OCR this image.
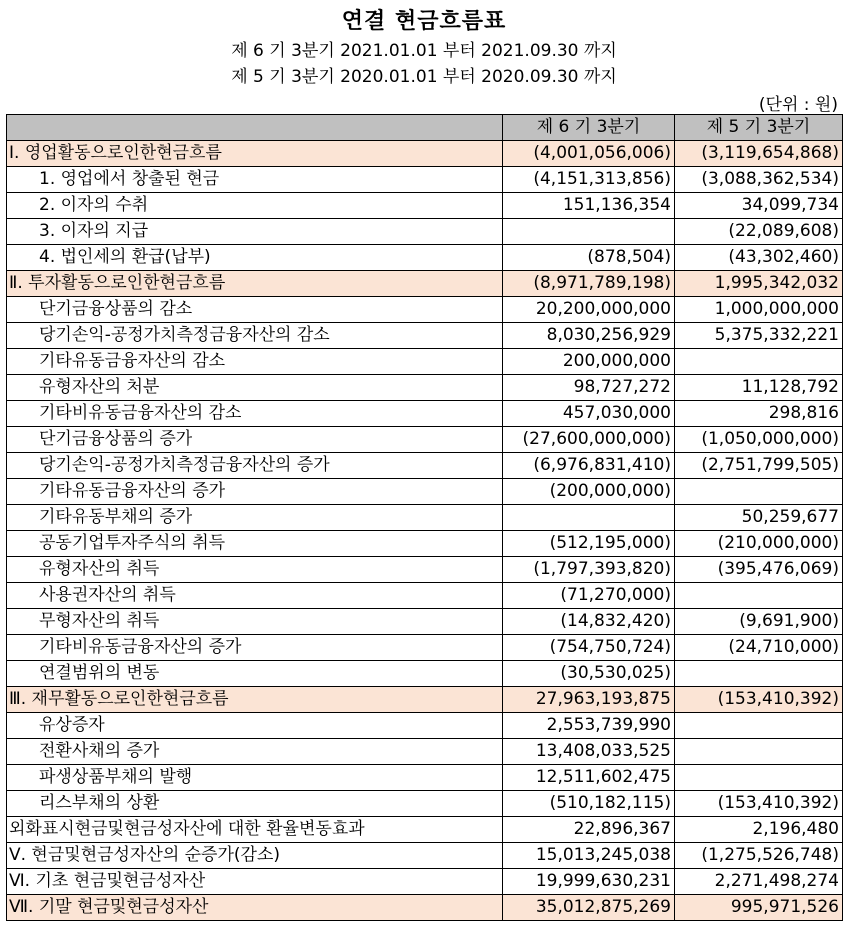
연결 현금흐름표
제 6 기 3분기 2021.01.01 부터 2021.09.30 까지
제 5 기 3분기 2020.01.01 부터 2020.09.30 까지
(단위 : 원)
	제 6 기 3분기	제 5 기 3분기
Ⅰ. 영업활동으로인한현금흐름	(4,001,056,006)	(3,119,654,868)
1. 영업에서 창출된 현금	(4,151,313,856)	(3,088,362,534)
2. 이자의 수취	151,136,354	34,099,734
3. 이자의 지급		(22,089,608)
4. 법인세의 환급(납부)	(878,504)	(43,302,460)
Ⅱ. 투자활동으로인한현금흐름	(8,971,789,198)	1,995,342,032
단기금융상품의 감소	20,200,000,000	1,000,000,000
당기손익-공정가치측정금융자산의 감소	8,030,256,929	5,375,332,221
기타유동금융자산의 감소	200,000,000	
유형자산의 처분	98,727,272	11,128,792
기타비유동금융자산의 감소	457,030,000	298,816
단기금융상품의 증가	(27,600,000,000)	(1,050,000,000)
당기손익-공정가치측정금융자산의 증가	(6,976,831,410)	(2,751,799,505)
기타유동금융자산의 증가	(200,000,000)	
기타유동부채의 증가		50,259,677
공동기업투자주식의 취득	(512,195,000)	(210,000,000)
유형자산의 취득	(1,797,393,820)	(395,476,069)
사용권자산의 취득	(71,270,000)	
무형자산의 취득	(14,832,420)	(9,691,900)
기타비유동금융자산의 증가	(754,750,724)	(24,710,000)
연결범위의 변동	(30,530,025)	
Ⅲ. 재무활동으로인한현금흐름	27,963,193,875	(153,410,392)
유상증자	2,553,739,990	
전환사채의 증가	13,408,033,525	
파생상품부채의 발행	12,511,602,475	
리스부채의 상환	(510,182,115)	(153,410,392)
외화표시현금및현금성자산에 대한 환율변동효과	22,896,367	2,196,480
Ⅴ. 현금및현금성자산의 순증가(감소)	15,013,245,038	(1,275,526,748)
Ⅵ. 기초 현금및현금성자산	19,999,630,231	2,271,498,274
Ⅶ. 기말 현금및현금성자산	35,012,875,269	995,971,526
